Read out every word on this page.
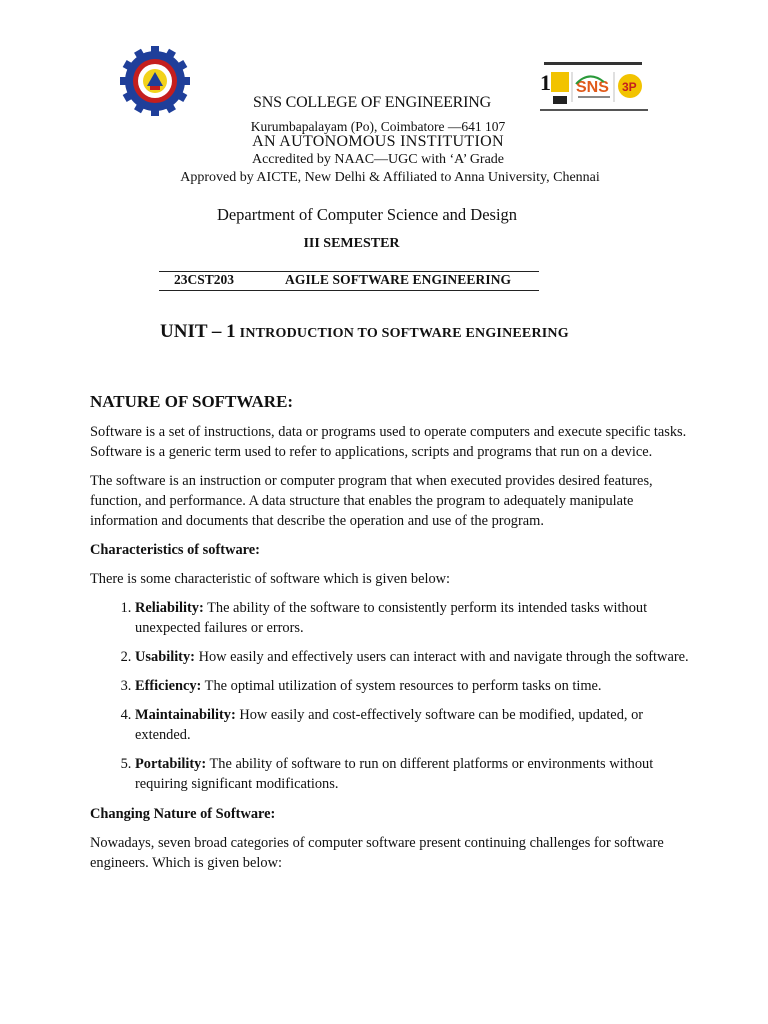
1 SNS 3P
SNS COLLEGE OF ENGINEERING
Kurumbapalayam (Po), Coimbatore —641 107
AN AUTONOMOUS INSTITUTION
Accredited by NAAC—UGC with ‘A’ Grade
Approved by AICTE, New Delhi & Affiliated to Anna University, Chennai
Department of Computer Science and Design
III SEMESTER
23CST203	AGILE SOFTWARE ENGINEERING
UNIT – 1 INTRODUCTION TO SOFTWARE ENGINEERING
NATURE OF SOFTWARE:

Software is a set of instructions, data or programs used to operate computers and execute specific tasks. Software is a generic term used to refer to applications, scripts and programs that run on a device.

The software is an instruction or computer program that when executed provides desired features, function, and performance. A data structure that enables the program to adequately manipulate information and documents that describe the operation and use of the program.

Characteristics of software:

There is some characteristic of software which is given below:

1. Reliability: The ability of the software to consistently perform its intended tasks without unexpected failures or errors.
2. Usability: How easily and effectively users can interact with and navigate through the software.
3. Efficiency: The optimal utilization of system resources to perform tasks on time.
4. Maintainability: How easily and cost-effectively software can be modified, updated, or extended.
5. Portability: The ability of software to run on different platforms or environments without requiring significant modifications.

Changing Nature of Software:

Nowadays, seven broad categories of computer software present continuing challenges for software engineers. Which is given below:
